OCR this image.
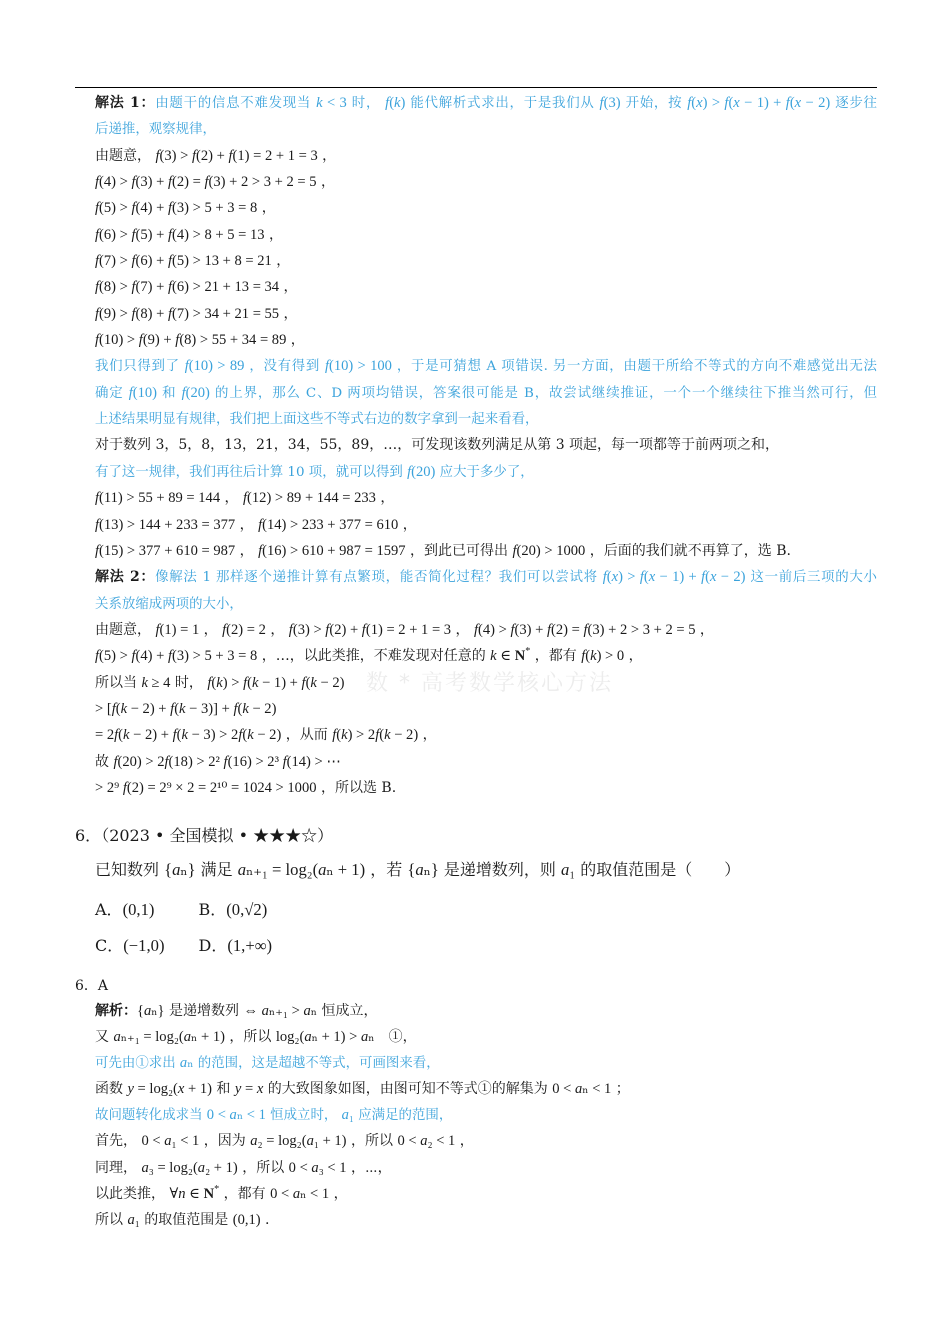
数 * 高考数学核心方法
解法 1：由题干的信息不难发现当 k < 3 时， f(k) 能代解析式求出，于是我们从 f(3) 开始，按 f(x) > f(x − 1) + f(x − 2) 逐步往
后递推，观察规律，
由题意， f(3) > f(2) + f(1) = 2 + 1 = 3 ，
f(4) > f(3) + f(2) = f(3) + 2 > 3 + 2 = 5 ，
f(5) > f(4) + f(3) > 5 + 3 = 8 ，
f(6) > f(5) + f(4) > 8 + 5 = 13 ，
f(7) > f(6) + f(5) > 13 + 8 = 21 ，
f(8) > f(7) + f(6) > 21 + 13 = 34 ，
f(9) > f(8) + f(7) > 34 + 21 = 55 ，
f(10) > f(9) + f(8) > 55 + 34 = 89 ，
我们只得到了 f(10) > 89 ，没有得到 f(10) > 100 ，于是可猜想 A 项错误. 另一方面，由题干所给不等式的方向不难感觉出无法
确定 f(10) 和 f(20) 的上界，那么 C、D 两项均错误，答案很可能是 B，故尝试继续推证，一个一个继续往下推当然可行，但
上述结果明显有规律，我们把上面这些不等式右边的数字拿到一起来看看，
对于数列 3，5，8，13，21，34，55，89，…，可发现该数列满足从第 3 项起，每一项都等于前两项之和，
有了这一规律，我们再往后计算 10 项，就可以得到 f(20) 应大于多少了，
f(11) > 55 + 89 = 144 ， f(12) > 89 + 144 = 233 ，
f(13) > 144 + 233 = 377 ， f(14) > 233 + 377 = 610 ，
f(15) > 377 + 610 = 987 ， f(16) > 610 + 987 = 1597 ，到此已可得出 f(20) > 1000 ，后面的我们就不再算了，选 B.
解法 2：像解法 1 那样逐个递推计算有点繁琐，能否简化过程？我们可以尝试将 f(x) > f(x − 1) + f(x − 2) 这一前后三项的大小
关系放缩成两项的大小，
由题意， f(1) = 1 ， f(2) = 2 ， f(3) > f(2) + f(1) = 2 + 1 = 3 ， f(4) > f(3) + f(2) = f(3) + 2 > 3 + 2 = 5 ，
f(5) > f(4) + f(3) > 5 + 3 = 8 ，…，以此类推，不难发现对任意的 k ∈ N* ，都有 f(k) > 0 ，
所以当 k ≥ 4 时， f(k) > f(k − 1) + f(k − 2)
> [f(k − 2) + f(k − 3)] + f(k − 2)
= 2f(k − 2) + f(k − 3) > 2f(k − 2) ，从而 f(k) > 2f(k − 2) ，
故 f(20) > 2f(18) > 2² f(16) > 2³ f(14) > ⋯
> 2⁹ f(2) = 2⁹ × 2 = 2¹⁰ = 1024 > 1000 ，所以选 B.
6．（2023 • 全国模拟 • ★★★☆）
已知数列 {aₙ} 满足 aₙ₊₁ = log₂(aₙ + 1) ，若 {aₙ} 是递增数列，则 a₁ 的取值范围是（　　）
A．(0,1)	B．(0,√2)
C．(−1,0) D．(1,+∞)
6．A
解析：{aₙ} 是递增数列 ⇔ aₙ₊₁ > aₙ 恒成立，
又 aₙ₊₁ = log₂(aₙ + 1) ，所以 log₂(aₙ + 1) > aₙ　①，
可先由①求出 aₙ 的范围，这是超越不等式，可画图来看，
函数 y = log₂(x + 1) 和 y = x 的大致图象如图，由图可知不等式①的解集为 0 < aₙ < 1 ；
故问题转化成求当 0 < aₙ < 1 恒成立时， a₁ 应满足的范围，
首先， 0 < a₁ < 1 ，因为 a₂ = log₂(a₁ + 1) ，所以 0 < a₂ < 1 ，
同理， a₃ = log₂(a₂ + 1) ，所以 0 < a₃ < 1 ，⋯，
以此类推， ∀n ∈ N* ，都有 0 < aₙ < 1 ，
所以 a₁ 的取值范围是 (0,1) .
